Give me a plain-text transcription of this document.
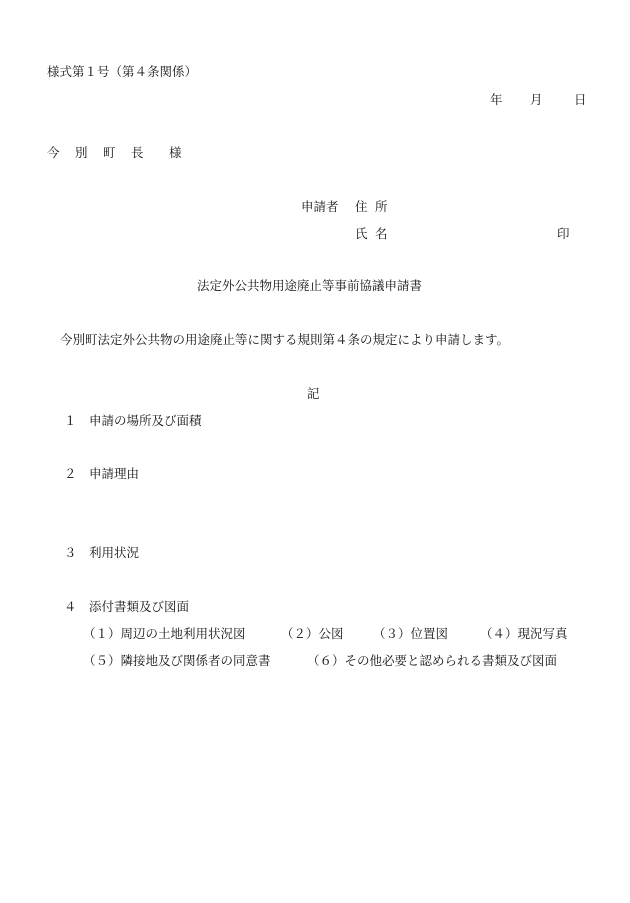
様式第１号（第４条関係）
年	月	日
今	別	町	長	様
申請者	住 所
氏 名	印
法定外公共物用途廃止等事前協議申請書
今別町法定外公共物の用途廃止等に関する規則第４条の規定により申請します。
記
１ 申請の場所及び面積
２ 申請理由
３ 利用状況
４ 添付書類及び図面
（１）周辺の土地利用状況図	（２）公図 （３）位置図	（４）現況写真
（５）隣接地及び関係者の同意書	（６）その他必要と認められる書類及び図面
